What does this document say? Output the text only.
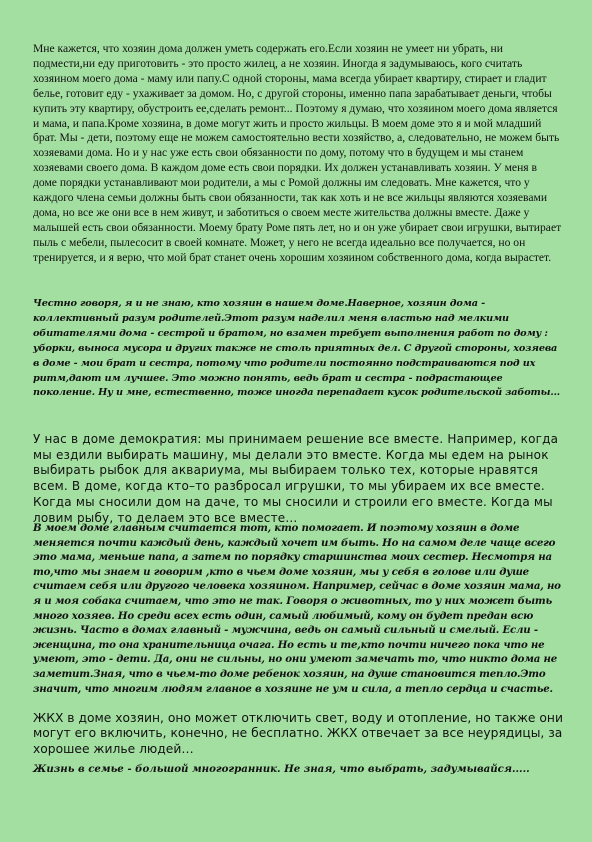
Мне кажется, что хозяин дома должен уметь содержать его.Если хозяин не умеет ни убрать, ни подмести,ни еду приготовить - это просто жилец, а не хозяин. Иногда я задумываюсь, кого считать хозяином моего дома - маму или папу.С одной стороны, мама всегда убирает квартиру, стирает и гладит белье, готовит еду - ухаживает за домом. Но, с другой стороны, именно папа зарабатывает деньги, чтобы купить эту квартиру, обустроить ее,сделать ремонт... Поэтому я думаю, что хозяином моего дома является и мама, и папа.Кроме хозяина, в доме могут жить и просто жильцы. В моем доме это я и мой младший брат. Мы - дети, поэтому еще не можем самостоятельно вести хозяйство, а, следовательно, не можем быть хозяевами дома. Но и у нас уже есть свои обязанности по дому, потому что в будущем и мы станем хозяевами своего дома. В каждом доме есть свои порядки. Их должен устанавливать хозяин. У меня в доме порядки устанавливают мои родители, а мы с Ромой должны им следовать. Мне кажется, что у каждого члена семьи должны быть свои обязанности, так как хоть и не все жильцы являются хозяевами дома, но все же они все в нем живут, и заботиться о своем месте жительства должны вместе. Даже у малышей есть свои обязанности. Моему брату Роме пять лет, но и он уже убирает свои игрушки, вытирает пыль с мебели, пылесосит в своей комнате. Может, у него не всегда идеально все получается, но он тренируется, и я верю, что мой брат станет очень хорошим хозяином собственного дома, когда вырастет.

Честно говоря, я и не знаю, кто хозяин в нашем доме.Наверное, хозяин дома - коллективный разум родителей.Этот разум наделил меня властью над мелкими обитателями дома - сестрой и братом, но взамен требует выполнения работ по дому : уборки, выноса мусора и других также не столь приятных дел. С другой стороны, хозяева в доме - мои брат и сестра, потому что родители постоянно подстраиваются под их ритм,дают им лучшее. Это можно понять, ведь брат и сестра - подрастающее поколение. Ну и мне, естественно, тоже иногда перепадает кусок родительской заботы...

У нас в доме демократия: мы принимаем решение все вместе. Например, когда мы ездили выбирать машину, мы делали это вместе. Когда мы едем на рынок выбирать рыбок для аквариума, мы выбираем только тех, которые нравятся всем. В доме, когда кто–то разбросал игрушки, то мы убираем их все вместе. Когда мы сносили дом на даче, то мы сносили и строили его вместе. Когда мы ловим рыбу, то делаем это все вместе...

В моем доме главным считается тот, кто помогает. И поэтому хозяин в доме меняется почти каждый день, каждый хочет им быть. Но на самом деле чаще всего это мама, меньше папа, а затем по порядку старшинства моих сестер. Несмотря на то,что мы знаем и говорим ,кто в чьем доме хозяин, мы у себя в голове или душе считаем себя или другого человека хозяином. Например, сейчас в доме хозяин мама, но я и моя собака считаем, что это не так. Говоря о животных, то у них может быть много хозяев. Но среди всех есть один, самый любимый, кому он будет предан всю жизнь. Часто в домах главный - мужчина, ведь он самый сильный и смелый. Если - женщина, то она хранительница очага. Но есть и те,кто почти ничего пока что не умеют, это - дети. Да, они не сильны, но они умеют замечать то, что никто дома не заметит.Зная, что в чьем-то доме ребенок хозяин, на душе становится тепло.Это значит, что многим людям главное в хозяине не ум и сила, а тепло сердца и счастье.

ЖКХ в доме хозяин, оно может отключить свет, воду и отопление, но также они могут его включить, конечно, не бесплатно. ЖКХ отвечает за все неурядицы, за хорошее жилье людей…

Жизнь в семье - большой многогранник. Не зная, что выбрать, задумывайся.....
